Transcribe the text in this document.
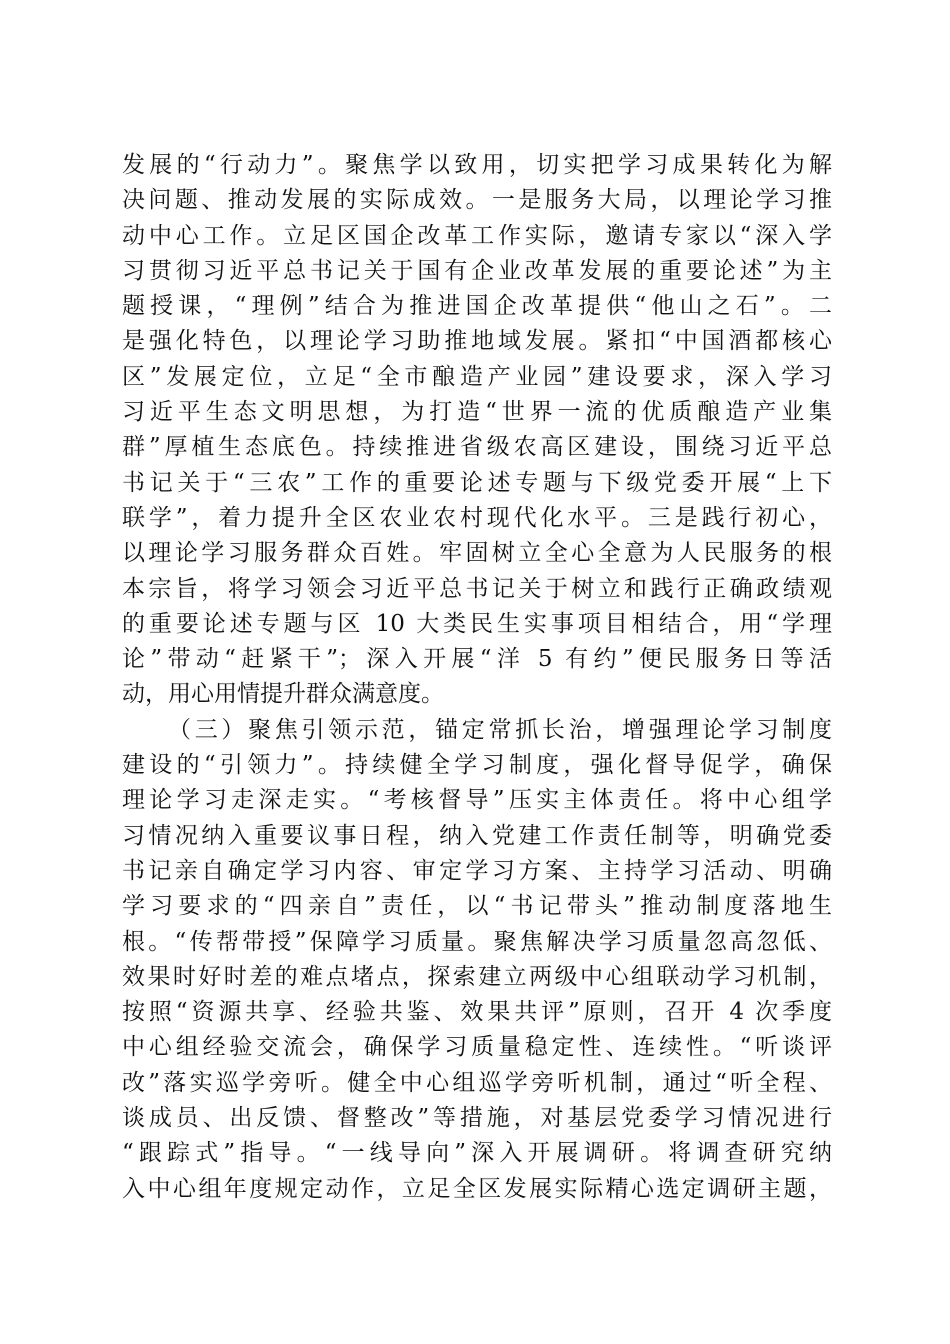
发展的“行动力”。聚焦学以致用，切实把学习成果转化为解
决问题、推动发展的实际成效。一是服务大局，以理论学习推
动中心工作。立足区国企改革工作实际，邀请专家以“深入学
习贯彻习近平总书记关于国有企业改革发展的重要论述”为主
题授课，“理例”结合为推进国企改革提供“他山之石”。二
是强化特色，以理论学习助推地域发展。紧扣“中国酒都核心
区”发展定位，立足“全市酿造产业园”建设要求，深入学习
习近平生态文明思想，为打造“世界一流的优质酿造产业集
群”厚植生态底色。持续推进省级农高区建设，围绕习近平总
书记关于“三农”工作的重要论述专题与下级党委开展“上下
联学”，着力提升全区农业农村现代化水平。三是践行初心，
以理论学习服务群众百姓。牢固树立全心全意为人民服务的根
本宗旨，将学习领会习近平总书记关于树立和践行正确政绩观
的重要论述专题与区 10 大类民生实事项目相结合，用“学理
论”带动“赶紧干”；深入开展“洋 5 有约”便民服务日等活
动，用心用情提升群众满意度。
（三）聚焦引领示范，锚定常抓长治，增强理论学习制度
建设的“引领力”。持续健全学习制度，强化督导促学，确保
理论学习走深走实。“考核督导”压实主体责任。将中心组学
习情况纳入重要议事日程，纳入党建工作责任制等，明确党委
书记亲自确定学习内容、审定学习方案、主持学习活动、明确
学习要求的“四亲自”责任，以“书记带头”推动制度落地生
根。“传帮带授”保障学习质量。聚焦解决学习质量忽高忽低、
效果时好时差的难点堵点，探索建立两级中心组联动学习机制，
按照“资源共享、经验共鉴、效果共评”原则，召开 4 次季度
中心组经验交流会，确保学习质量稳定性、连续性。“听谈评
改”落实巡学旁听。健全中心组巡学旁听机制，通过“听全程、
谈成员、出反馈、督整改”等措施，对基层党委学习情况进行
“跟踪式”指导。“一线导向”深入开展调研。将调查研究纳
入中心组年度规定动作，立足全区发展实际精心选定调研主题，
